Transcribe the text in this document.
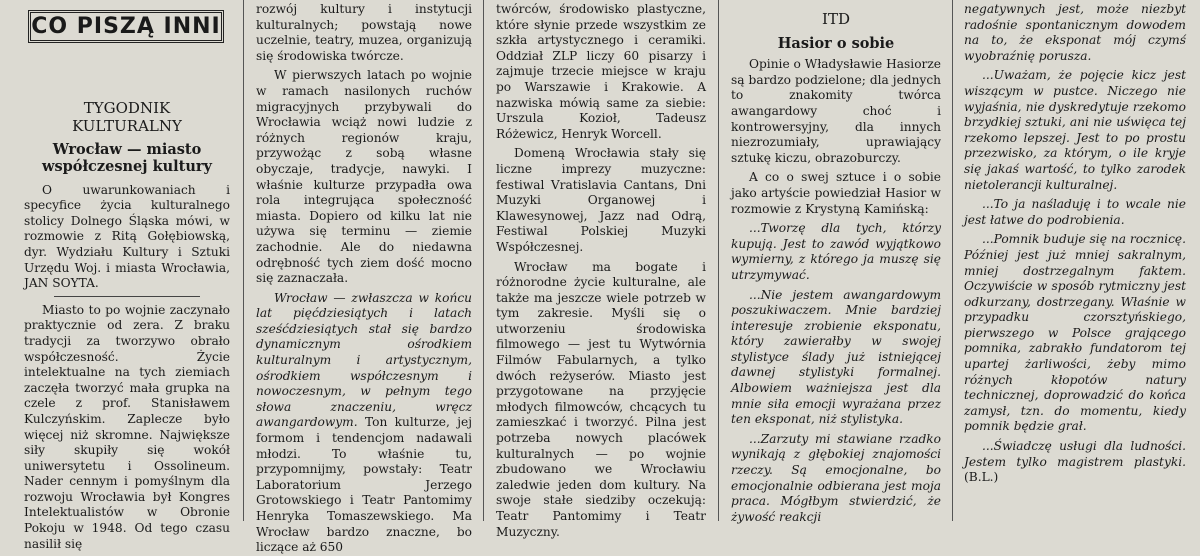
CO PISZĄ INNI
TYGODNIK
KULTURALNY
Wrocław — miasto
współczesnej kultury

O uwarunkowaniach i specyfice życia kulturalnego stolicy Dolnego Śląska mówi, w rozmowie z Ritą Gołębiowską, dyr. Wydziału Kultury i Sztuki Urzędu Woj. i miasta Wrocławia, JAN SOYTA.

Miasto to po wojnie zaczynało praktycznie od zera. Z braku tradycji za tworzywo obrało współczesność. Życie intelektualne na tych ziemiach zaczęła tworzyć mała grupka na czele z prof. Stanisławem Kulczyńskim. Zaplecze było więcej niż skromne. Największe siły skupiły się wokół uniwersytetu i Ossolineum. Nader cennym i pomyślnym dla rozwoju Wrocławia był Kongres Intelektualistów w Obronie Pokoju w 1948. Od tego czasu nasilił się

rozwój kultury i instytucji kulturalnych; powstają nowe uczelnie, teatry, muzea, organizują się środowiska twórcze.

W pierwszych latach po wojnie w ramach nasilonych ruchów migracyjnych przybywali do Wrocławia wciąż nowi ludzie z różnych regionów kraju, przywożąc z sobą własne obyczaje, tradycje, nawyki. I właśnie kulturze przypadła owa rola integrująca społeczność miasta. Dopiero od kilku lat nie używa się terminu — ziemie zachodnie. Ale do niedawna odrębność tych ziem dość mocno się zaznaczała.

Wrocław — zwłaszcza w końcu lat pięćdziesiątych i latach sześćdziesiątych stał się bardzo dynamicznym ośrodkiem kulturalnym i artystycznym, ośrodkiem współczesnym i nowoczesnym, w pełnym tego słowa znaczeniu, wręcz awangardowym. Ton kulturze, jej formom i tendencjom nadawali młodzi. To właśnie tu, przypomnijmy, powstały: Teatr Laboratorium Jerzego Grotowskiego i Teatr Pantomimy Henryka Tomaszewskiego. Ma Wrocław bardzo znaczne, bo liczące aż 650

twórców, środowisko plastyczne, które słynie przede wszystkim ze szkła artystycznego i ceramiki. Oddział ZLP liczy 60 pisarzy i zajmuje trzecie miejsce w kraju po Warszawie i Krakowie. A nazwiska mówią same za siebie: Urszula Kozioł, Tadeusz Różewicz, Henryk Worcell.

Domeną Wrocławia stały się liczne imprezy muzyczne: festiwal Vratislavia Cantans, Dni Muzyki Organowej i Klawesynowej, Jazz nad Odrą, Festiwal Polskiej Muzyki Współczesnej.

Wrocław ma bogate i różnorodne życie kulturalne, ale także ma jeszcze wiele potrzeb w tym zakresie. Myśli się o utworzeniu środowiska filmowego — jest tu Wytwórnia Filmów Fabularnych, a tylko dwóch reżyserów. Miasto jest przygotowane na przyjęcie młodych filmowców, chcących tu zamieszkać i tworzyć. Pilna jest potrzeba nowych placówek kulturalnych — po wojnie zbudowano we Wrocławiu zaledwie jeden dom kultury. Na swoje stałe siedziby oczekują: Teatr Pantomimy i Teatr Muzyczny.

ITD
Hasior o sobie

Opinie o Władysławie Hasiorze są bardzo podzielone; dla jednych to znakomity twórca awangardowy choć i kontrowersyjny, dla innych niezrozumiały, uprawiający sztukę kiczu, obrazoburczy.

A co o swej sztuce i o sobie jako artyście powiedział Hasior w rozmowie z Krystyną Kamińską:

...Tworzę dla tych, którzy kupują. Jest to zawód wyjątkowo wymierny, z którego ja muszę się utrzymywać.

...Nie jestem awangardowym poszukiwaczem. Mnie bardziej interesuje zrobienie eksponatu, który zawierałby w swojej stylistyce ślady już istniejącej dawnej stylistyki formalnej. Albowiem ważniejsza jest dla mnie siła emocji wyrażana przez ten eksponat, niż stylistyka.

...Zarzuty mi stawiane rzadko wynikają z głębokiej znajomości rzeczy. Są emocjonalne, bo emocjonalnie odbierana jest moja praca. Mógłbym stwierdzić, że żywość reakcji

negatywnych jest, może niezbyt radośnie spontanicznym dowodem na to, że eksponat mój czymś wyobraźnię porusza.

...Uważam, że pojęcie kicz jest wiszącym w pustce. Niczego nie wyjaśnia, nie dyskredytuje rzekomo brzydkiej sztuki, ani nie uświęca tej rzekomo lepszej. Jest to po prostu przezwisko, za którym, o ile kryje się jakaś wartość, to tylko zarodek nietolerancji kulturalnej.

...To ja naśladuję i to wcale nie jest łatwe do podrobienia.

...Pomnik buduje się na rocznicę. Później jest już mniej sakralnym, mniej dostrzegalnym faktem. Oczywiście w sposób rytmiczny jest odkurzany, dostrzegany. Właśnie w przypadku czorsztyńskiego, pierwszego w Polsce grającego pomnika, zabrakło fundatorom tej upartej żarliwości, żeby mimo różnych kłopotów natury technicznej, doprowadzić do końca zamysł, tzn. do momentu, kiedy pomnik będzie grał.

...Świadczę usługi dla ludności. Jestem tylko magistrem plastyki. (B.L.)
